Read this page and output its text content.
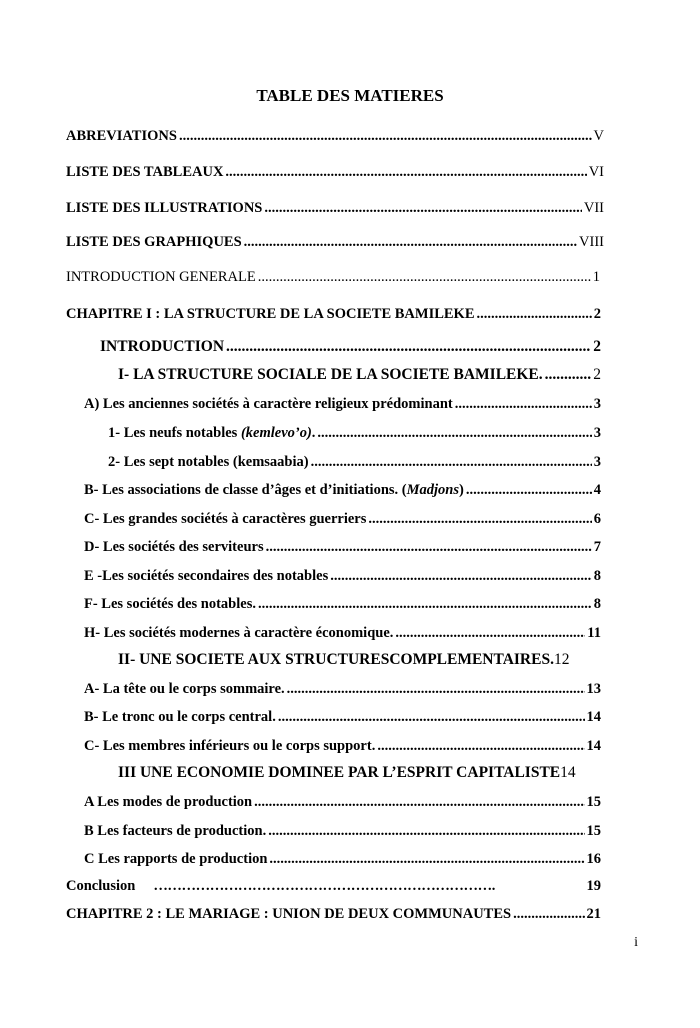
TABLE DES MATIERES
ABREVIATIONS .....	V
LISTE DES TABLEAUX .....	VI
LISTE DES ILLUSTRATIONS .....	VII
LISTE DES GRAPHIQUES .....	VIII
INTRODUCTION GENERALE .....	1
CHAPITRE I : LA STRUCTURE DE LA SOCIETE BAMILEKE .....	2
INTRODUCTION .....	2
I- LA STRUCTURE SOCIALE DE LA SOCIETE BAMILEKE. .....	2
A) Les anciennes sociétés à caractère religieux prédominant .....	3
1- Les neufs notables (kemlevo’o). .....	3
2- Les sept notables (kemsaabia) .....	3
B- Les associations de classe d’âges et d’initiations. (Madjons) .....	4
C- Les grandes sociétés à caractères guerriers .....	6
D- Les sociétés des serviteurs .....	7
E -Les sociétés secondaires des notables .....	8
F- Les sociétés des notables. .....	8
H- Les sociétés modernes à caractère économique. .....	11
II- UNE SOCIETE AUX STRUCTURESCOMPLEMENTAIRES. 12
A- La tête ou le corps sommaire. .....	13
B- Le tronc ou le corps central. .....	14
C- Les membres inférieurs ou le corps support. .....	14
III UNE ECONOMIE DOMINEE PAR L’ESPRIT CAPITALISTE 14
A Les modes de production .....	15
B Les facteurs de production. .....	15
C Les rapports de production .....	16
Conclusion ……………………………………………………………….	19
CHAPITRE 2 : LE MARIAGE : UNION DE DEUX COMMUNAUTES .....	21
i
